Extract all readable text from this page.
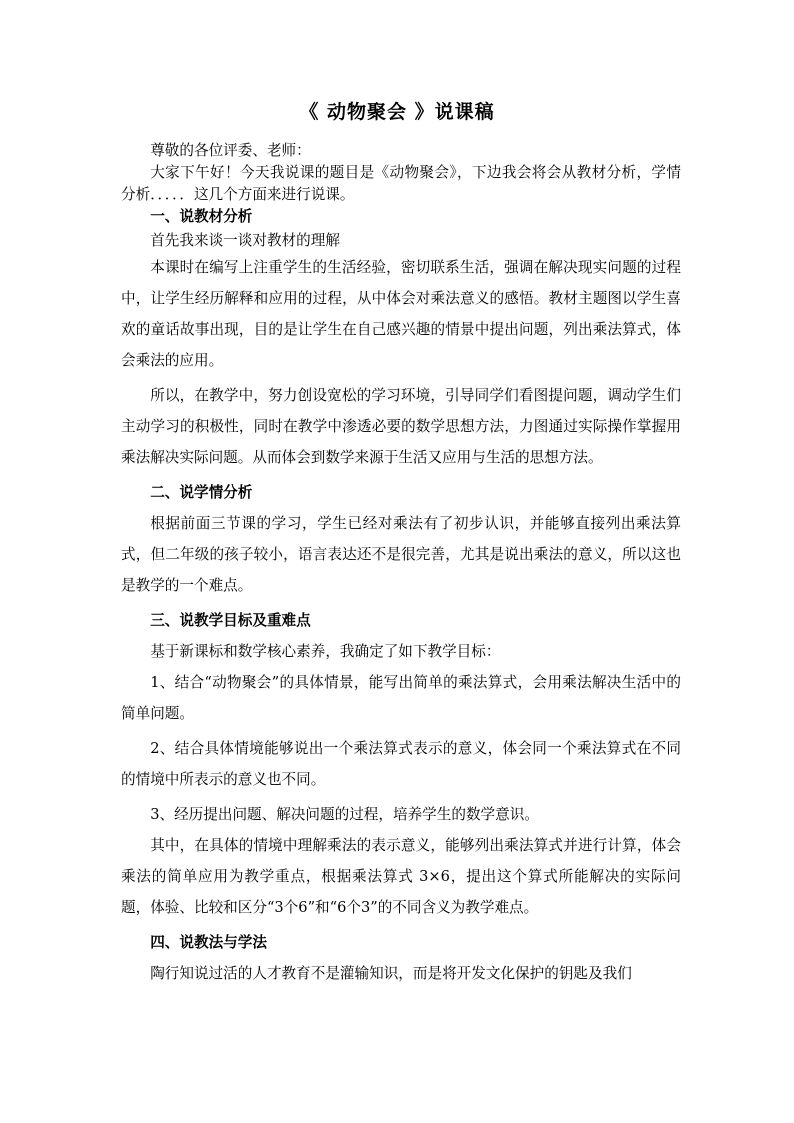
《 动物聚会 》说课稿

尊敬的各位评委、老师：

大家下午好！今天我说课的题目是《动物聚会》，下边我会将会从教材分析，学情分析．．．．．这几个方面来进行说课。

一、说教材分析

首先我来谈一谈对教材的理解

本课时在编写上注重学生的生活经验，密切联系生活，强调在解决现实问题的过程中，让学生经历解释和应用的过程，从中体会对乘法意义的感悟。教材主题图以学生喜欢的童话故事出现，目的是让学生在自己感兴趣的情景中提出问题，列出乘法算式，体会乘法的应用。

所以，在教学中，努力创设宽松的学习环境，引导同学们看图提问题，调动学生们主动学习的积极性，同时在教学中渗透必要的数学思想方法，力图通过实际操作掌握用乘法解决实际问题。从而体会到数学来源于生活又应用与生活的思想方法。

二、说学情分析

根据前面三节课的学习，学生已经对乘法有了初步认识，并能够直接列出乘法算式，但二年级的孩子较小，语言表达还不是很完善，尤其是说出乘法的意义，所以这也是教学的一个难点。

三、说教学目标及重难点

基于新课标和数学核心素养，我确定了如下教学目标：

1、结合“动物聚会”的具体情景，能写出简单的乘法算式，会用乘法解决生活中的简单问题。

2、结合具体情境能够说出一个乘法算式表示的意义，体会同一个乘法算式在不同的情境中所表示的意义也不同。

3、经历提出问题、解决问题的过程，培养学生的数学意识。

其中，在具体的情境中理解乘法的表示意义，能够列出乘法算式并进行计算，体会乘法的简单应用为教学重点，根据乘法算式 3×6，提出这个算式所能解决的实际问题，体验、比较和区分“3个6”和“6个3”的不同含义为教学难点。

四、说教法与学法

陶行知说过活的人才教育不是灌输知识，而是将开发文化保护的钥匙及我们
